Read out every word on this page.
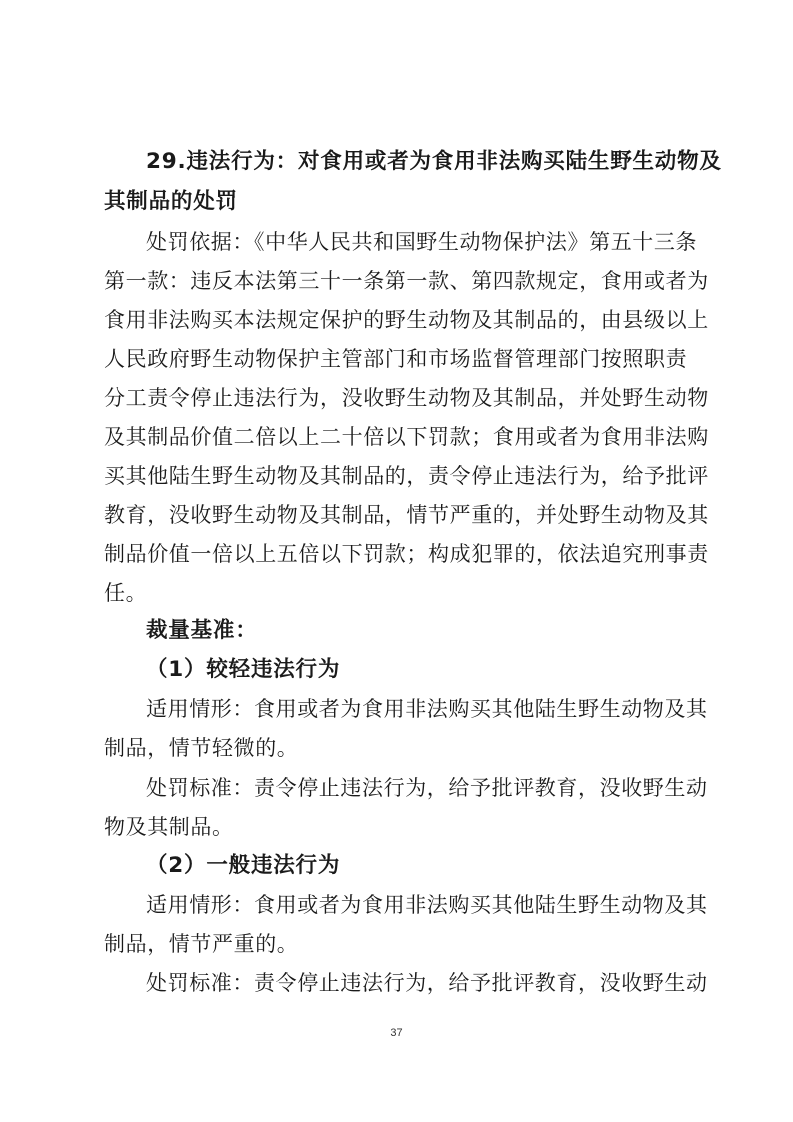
29.违法行为：对食用或者为食用非法购买陆生野生动物及
其制品的处罚
处罚依据：《中华人民共和国野生动物保护法》第五十三条
第一款：违反本法第三十一条第一款、第四款规定，食用或者为
食用非法购买本法规定保护的野生动物及其制品的，由县级以上
人民政府野生动物保护主管部门和市场监督管理部门按照职责
分工责令停止违法行为，没收野生动物及其制品，并处野生动物
及其制品价值二倍以上二十倍以下罚款；食用或者为食用非法购
买其他陆生野生动物及其制品的，责令停止违法行为，给予批评
教育，没收野生动物及其制品，情节严重的，并处野生动物及其
制品价值一倍以上五倍以下罚款；构成犯罪的，依法追究刑事责
任。
裁量基准：
（1）较轻违法行为
适用情形：食用或者为食用非法购买其他陆生野生动物及其
制品，情节轻微的。
处罚标准：责令停止违法行为，给予批评教育，没收野生动
物及其制品。
（2）一般违法行为
适用情形：食用或者为食用非法购买其他陆生野生动物及其
制品，情节严重的。
处罚标准：责令停止违法行为，给予批评教育，没收野生动
37
